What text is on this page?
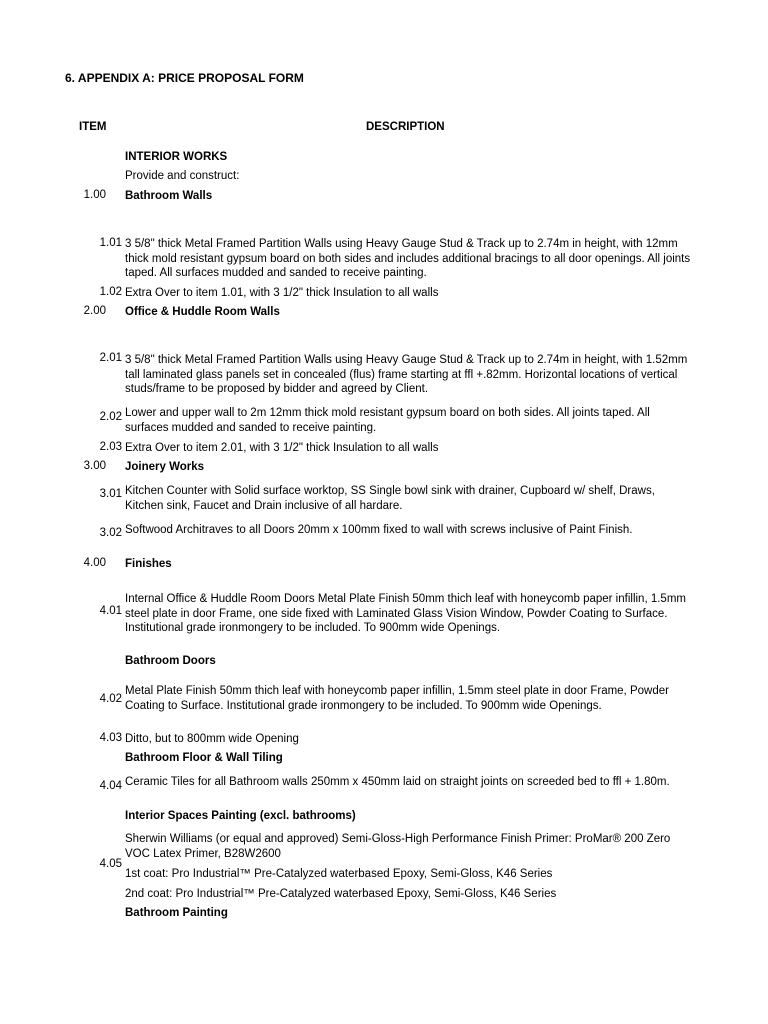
6. APPENDIX A: PRICE PROPOSAL FORM
ITEM	DESCRIPTION
INTERIOR WORKS
Provide and construct:
1.00 Bathroom Walls
1.01 3 5/8" thick Metal Framed Partition Walls using Heavy Gauge Stud & Track up to 2.74m in height, with 12mm thick mold resistant gypsum board on both sides and includes additional bracings to all door openings. All joints taped. All surfaces mudded and sanded to receive painting.
1.02 Extra Over to item 1.01, with 3 1/2" thick Insulation to all walls
2.00 Office & Huddle Room Walls
2.01 3 5/8" thick Metal Framed Partition Walls using Heavy Gauge Stud & Track up to 2.74m in height, with 1.52mm tall laminated glass panels set in concealed (flus) frame starting at ffl +.82mm. Horizontal locations of vertical studs/frame to be proposed by bidder and agreed by Client.
2.02 Lower and upper wall to 2m 12mm thick mold resistant gypsum board on both sides. All joints taped. All surfaces mudded and sanded to receive painting.
2.03 Extra Over to item 2.01, with 3 1/2" thick Insulation to all walls
3.00 Joinery Works
3.01 Kitchen Counter with Solid surface worktop, SS Single bowl sink with drainer, Cupboard w/ shelf, Draws, Kitchen sink, Faucet and Drain inclusive of all hardare.
3.02 Softwood Architraves to all Doors 20mm x 100mm fixed to wall with screws inclusive of Paint Finish.
4.00 Finishes
4.01
Internal Office & Huddle Room Doors Metal Plate Finish 50mm thich leaf with honeycomb paper infillin, 1.5mm steel plate in door Frame, one side fixed with Laminated Glass Vision Window, Powder Coating to Surface. Institutional grade ironmongery to be included. To 900mm wide Openings.
Bathroom Doors
4.02
Metal Plate Finish 50mm thich leaf with honeycomb paper infillin, 1.5mm steel plate in door Frame, Powder Coating to Surface. Institutional grade ironmongery to be included. To 900mm wide Openings.
4.03 Ditto, but to 800mm wide Opening
Bathroom Floor & Wall Tiling
4.04 Ceramic Tiles for all Bathroom walls 250mm x 450mm laid on straight joints on screeded bed to ffl + 1.80m.
Interior Spaces Painting (excl. bathrooms)
4.05
Sherwin Williams (or equal and approved) Semi-Gloss-High Performance Finish Primer: ProMar® 200 Zero VOC Latex Primer, B28W2600
1st coat: Pro Industrial™ Pre-Catalyzed waterbased Epoxy, Semi-Gloss, K46 Series
2nd coat: Pro Industrial™ Pre-Catalyzed waterbased Epoxy, Semi-Gloss, K46 Series
Bathroom Painting
